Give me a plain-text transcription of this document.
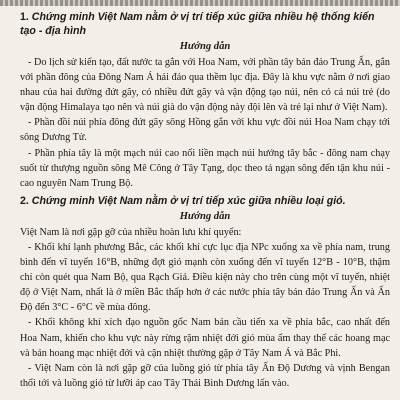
1. Chứng minh Việt Nam nằm ở vị trí tiếp xúc giữa nhiều hệ thống kiến tạo - địa hình

Hướng dẫn

- Do lịch sử kiến tạo, đất nước ta gắn với Hoa Nam, với phần tây bán đảo Trung Ấn, gắn với phần đông của Đông Nam Á hải đảo qua thềm lục địa. Đây là khu vực nằm ở nơi giao nhau của hai đường đứt gãy, có nhiều đứt gãy và vận động tạo núi, nên có cả núi trẻ (do vận động Himalaya tạo nên và núi già do vận động này đội lên và trẻ lại như ở Việt Nam).

- Phần đồi núi phía đông đứt gãy sông Hồng gắn với khu vực đồi núi Hoa Nam chạy tới sông Dương Tử.

- Phần phía tây là một mạch núi cao nối liền mạch núi hướng tây bắc - đông nam chạy suốt từ thượng nguồn sông Mê Công ở Tây Tạng, dọc theo tả ngạn sông đến tận khu núi - cao nguyên Nam Trung Bộ.

2. Chứng minh Việt Nam nằm ở vị trí tiếp xúc giữa nhiều loại gió.

Hướng dẫn

Việt Nam là nơi gặp gỡ của nhiều hoàn lưu khí quyển:

- Khối khí lạnh phương Bắc, các khối khí cực lục địa NPc xuống xa về phía nam, trung bình đến vĩ tuyến 16°B, những đợt gió mạnh còn xuống đến vĩ tuyến 12°B - 10°B, thậm chí còn quét qua Nam Bộ, qua Rạch Giá. Điều kiện này cho trên cùng một vĩ tuyến, nhiệt độ ở Việt Nam, nhất là ở miền Bắc thấp hơn ở các nước phía tây bán đảo Trung Ấn và Ấn Độ đến 3°C - 6°C về mùa đông.

- Khối không khí xích đạo nguồn gốc Nam bán cầu tiến xa về phía bắc, cao nhất đến Hoa Nam, khiến cho khu vực này rừng rậm nhiệt đới gió mùa ẩm thay thế các hoang mạc và bán hoang mạc nhiệt đới và cận nhiệt thường gặp ở Tây Nam Á và Bắc Phi.

- Việt Nam còn là nơi gặp gỡ của luồng gió từ phía tây Ấn Độ Dương và vịnh Bengan thổi tới và luồng gió từ lưỡi áp cao Tây Thái Bình Dương lấn vào.
